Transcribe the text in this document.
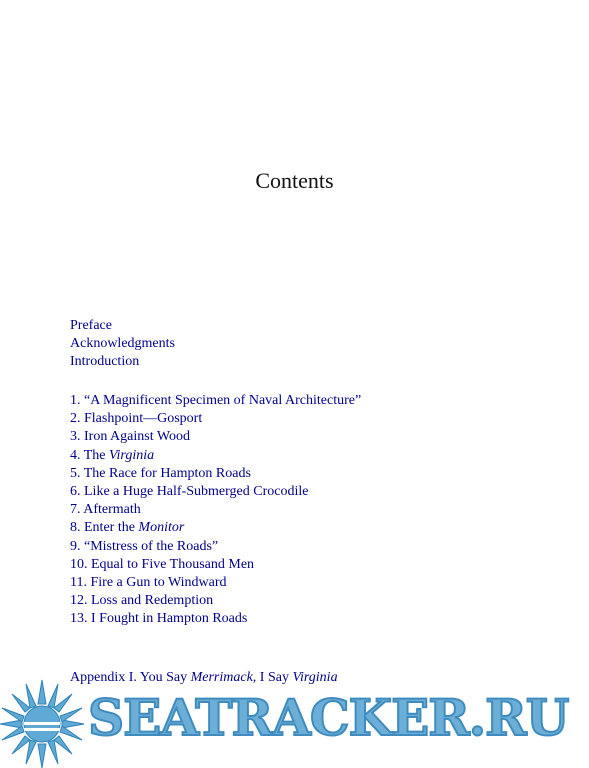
Contents
Preface
Acknowledgments
Introduction
1. “A Magnificent Specimen of Naval Architecture”
2. Flashpoint—Gosport
3. Iron Against Wood
4. The Virginia
5. The Race for Hampton Roads
6. Like a Huge Half-Submerged Crocodile
7. Aftermath
8. Enter the Monitor
9. “Mistress of the Roads”
10. Equal to Five Thousand Men
11. Fire a Gun to Windward
12. Loss and Redemption
13. I Fought in Hampton Roads
Appendix I. You Say Merrimack, I Say Virginia
SEATRACKER.RU
